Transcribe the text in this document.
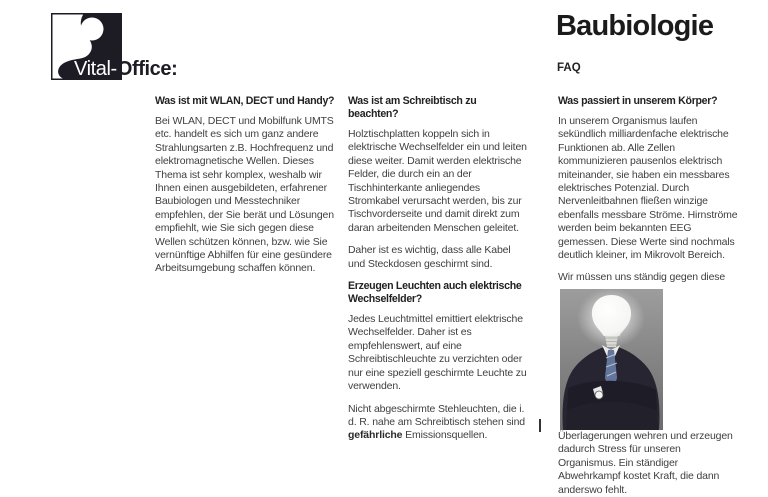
Vital-Office:
Baubiologie
FAQ
Was ist mit WLAN, DECT und Handy?

Bei WLAN, DECT und Mobilfunk UMTS etc. handelt es sich um ganz andere Strahlungsarten z.B. Hochfrequenz und elektromagnetische Wellen. Dieses Thema ist sehr komplex, weshalb wir Ihnen einen ausgebildeten, erfahrener Baubiologen und Messtechniker empfehlen, der Sie berät und Lösungen empfiehlt, wie Sie sich gegen diese Wellen schützen können, bzw. wie Sie vernünftige Abhilfen für eine gesündere Arbeitsumgebung schaffen können.

Was ist am Schreibtisch zu beachten?

Holztischplatten koppeln sich in elektrische Wechselfelder ein und leiten diese weiter. Damit werden elektrische Felder, die durch ein an der Tischhinterkante anliegendes Stromkabel verursacht werden, bis zur Tischvorderseite und damit direkt zum daran arbeitenden Menschen geleitet.

Daher ist es wichtig, dass alle Kabel und Steckdosen geschirmt sind.

Erzeugen Leuchten auch elektrische Wechselfelder?

Jedes Leuchtmittel emittiert elektrische Wechselfelder. Daher ist es empfehlenswert, auf eine Schreibtischleuchte zu verzichten oder nur eine speziell geschirmte Leuchte zu verwenden.

Nicht abgeschirmte Stehleuchten, die i. d. R. nahe am Schreibtisch stehen sind gefährliche Emissionsquellen.

Was passiert in unserem Körper?

In unserem Organismus laufen sekündlich milliardenfache elektrische Funktionen ab. Alle Zellen kommunizieren pausenlos elektrisch miteinander, sie haben ein messbares elektrisches Potenzial. Durch Nervenleitbahnen fließen winzige ebenfalls messbare Ströme. Hirnströme werden beim bekannten EEG gemessen. Diese Werte sind nochmals deutlich kleiner, im Mikrovolt Bereich.

Wir müssen uns ständig gegen diese

Überlagerungen wehren und erzeugen dadurch Stress für unseren Organismus. Ein ständiger Abwehrkampf kostet Kraft, die dann anderswo fehlt.
